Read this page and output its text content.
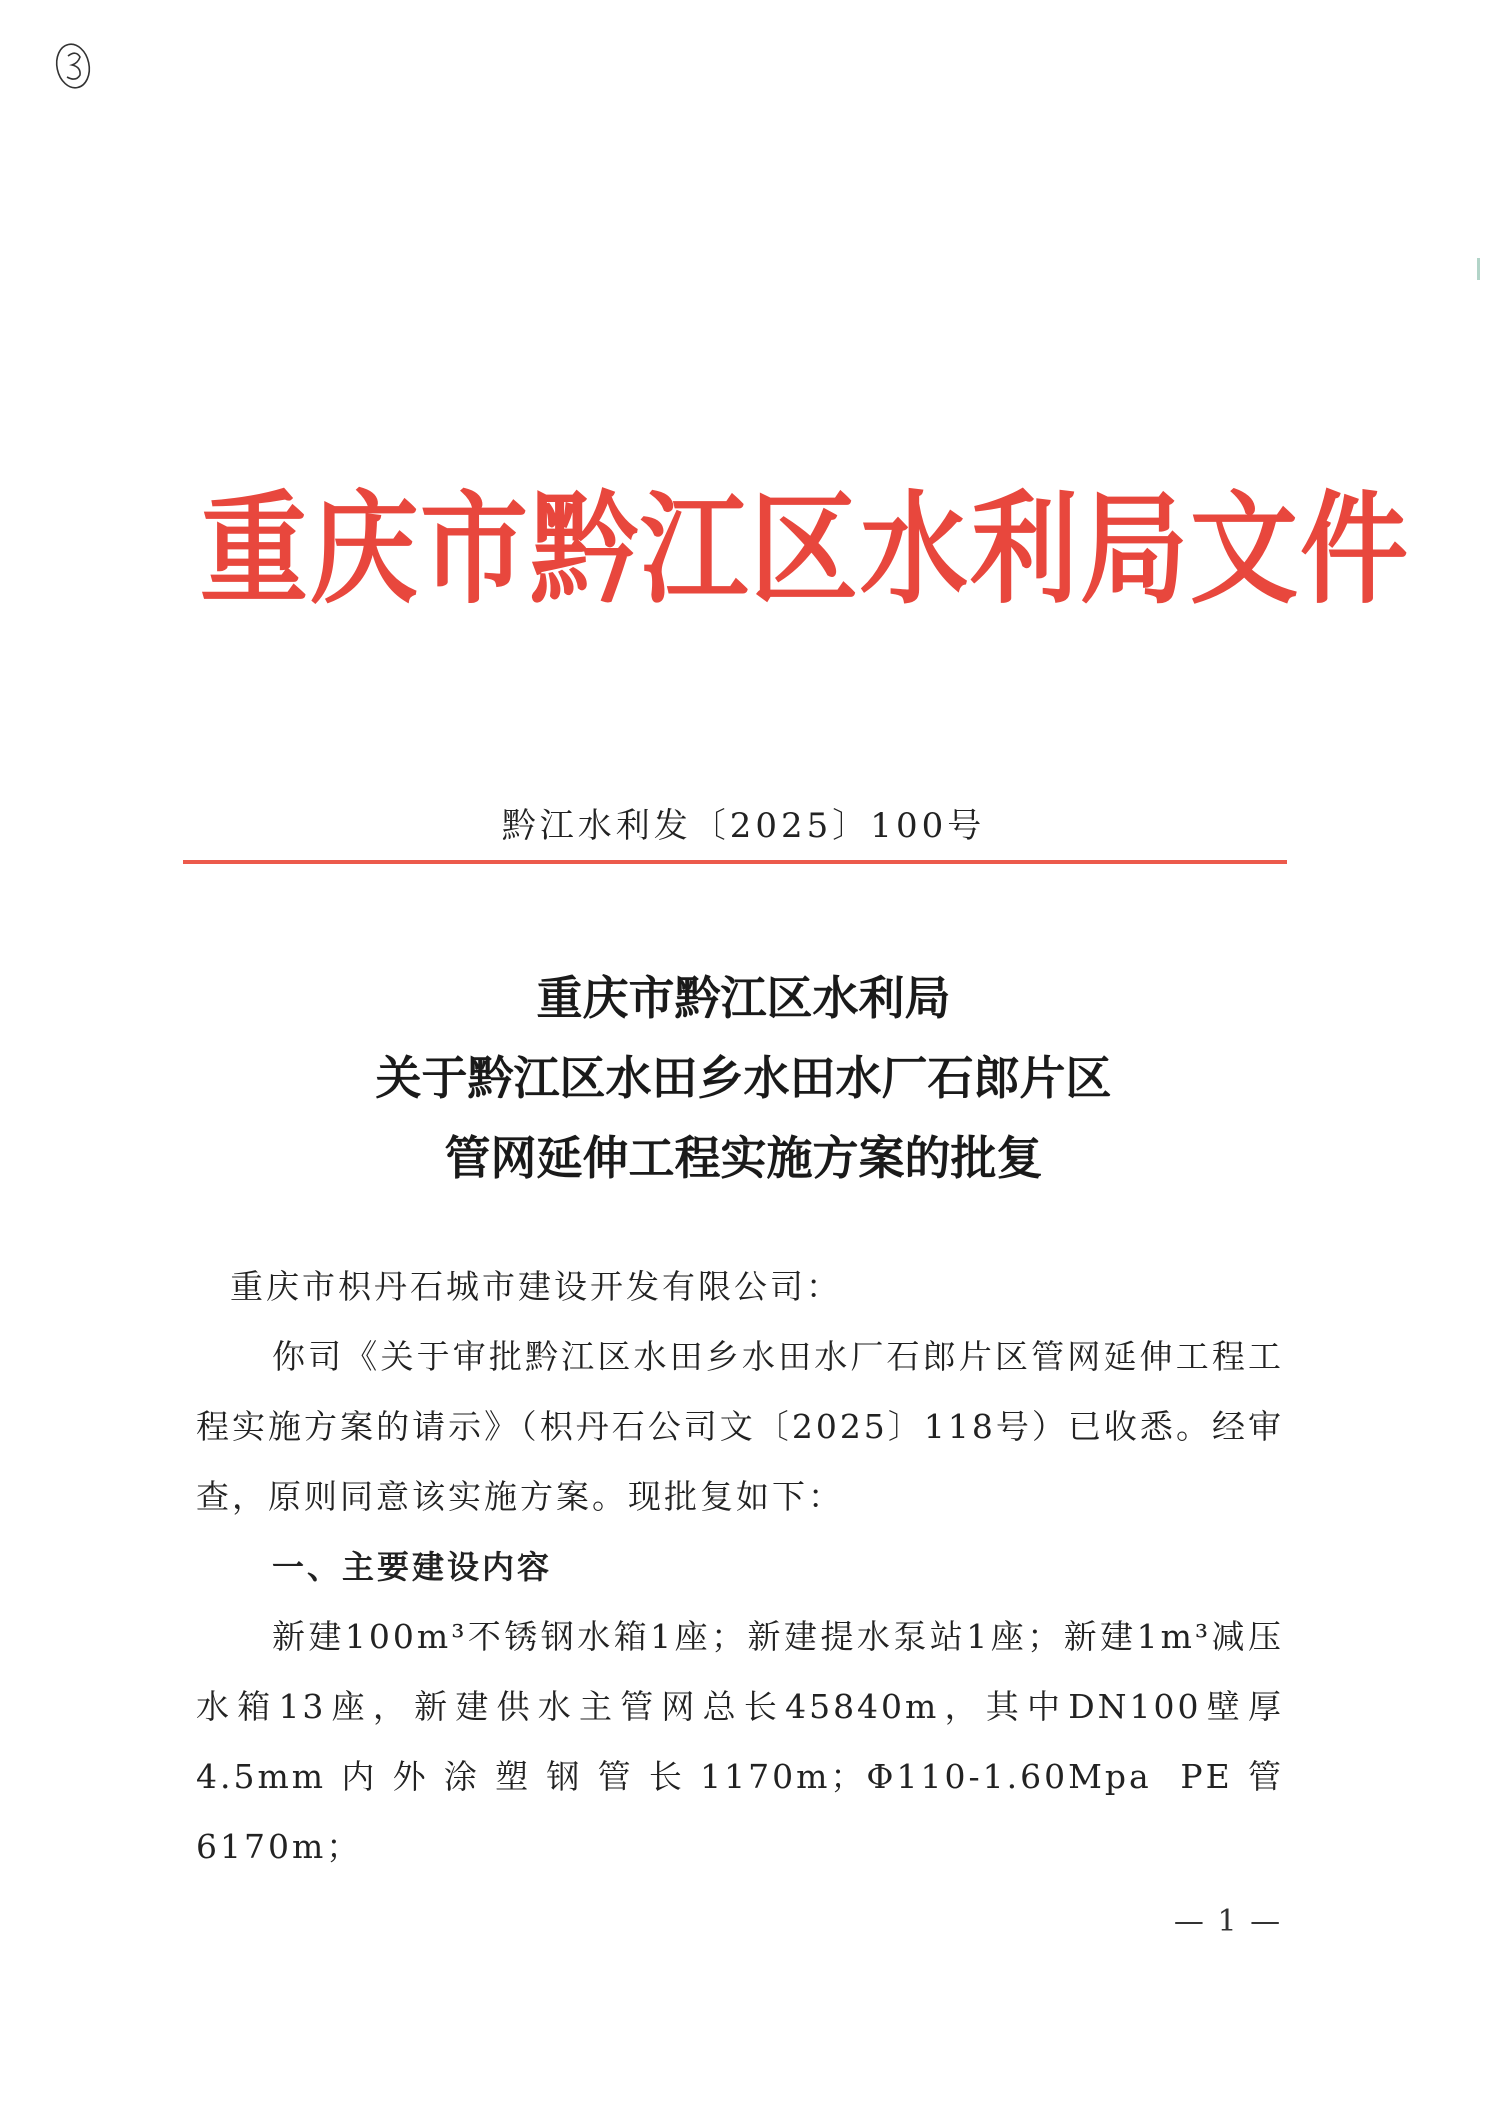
重庆市黔江区水利局文件
黔江水利发〔2025〕100号
重庆市黔江区水利局
关于黔江区水田乡水田水厂石郎片区
管网延伸工程实施方案的批复

重庆市枳丹石城市建设开发有限公司：

你司《关于审批黔江区水田乡水田水厂石郎片区管网延伸工程工程实施方案的请示》（枳丹石公司文〔2025〕118号）已收悉。经审查，原则同意该实施方案。现批复如下：

一、主要建设内容

新建100m³不锈钢水箱1座；新建提水泵站1座；新建1m³减压水箱13座，新建供水主管网总长45840m，其中DN100壁厚4.5mm内外涂塑钢管长1170m；Φ110-1.60Mpa PE管6170m；

— 1 —
